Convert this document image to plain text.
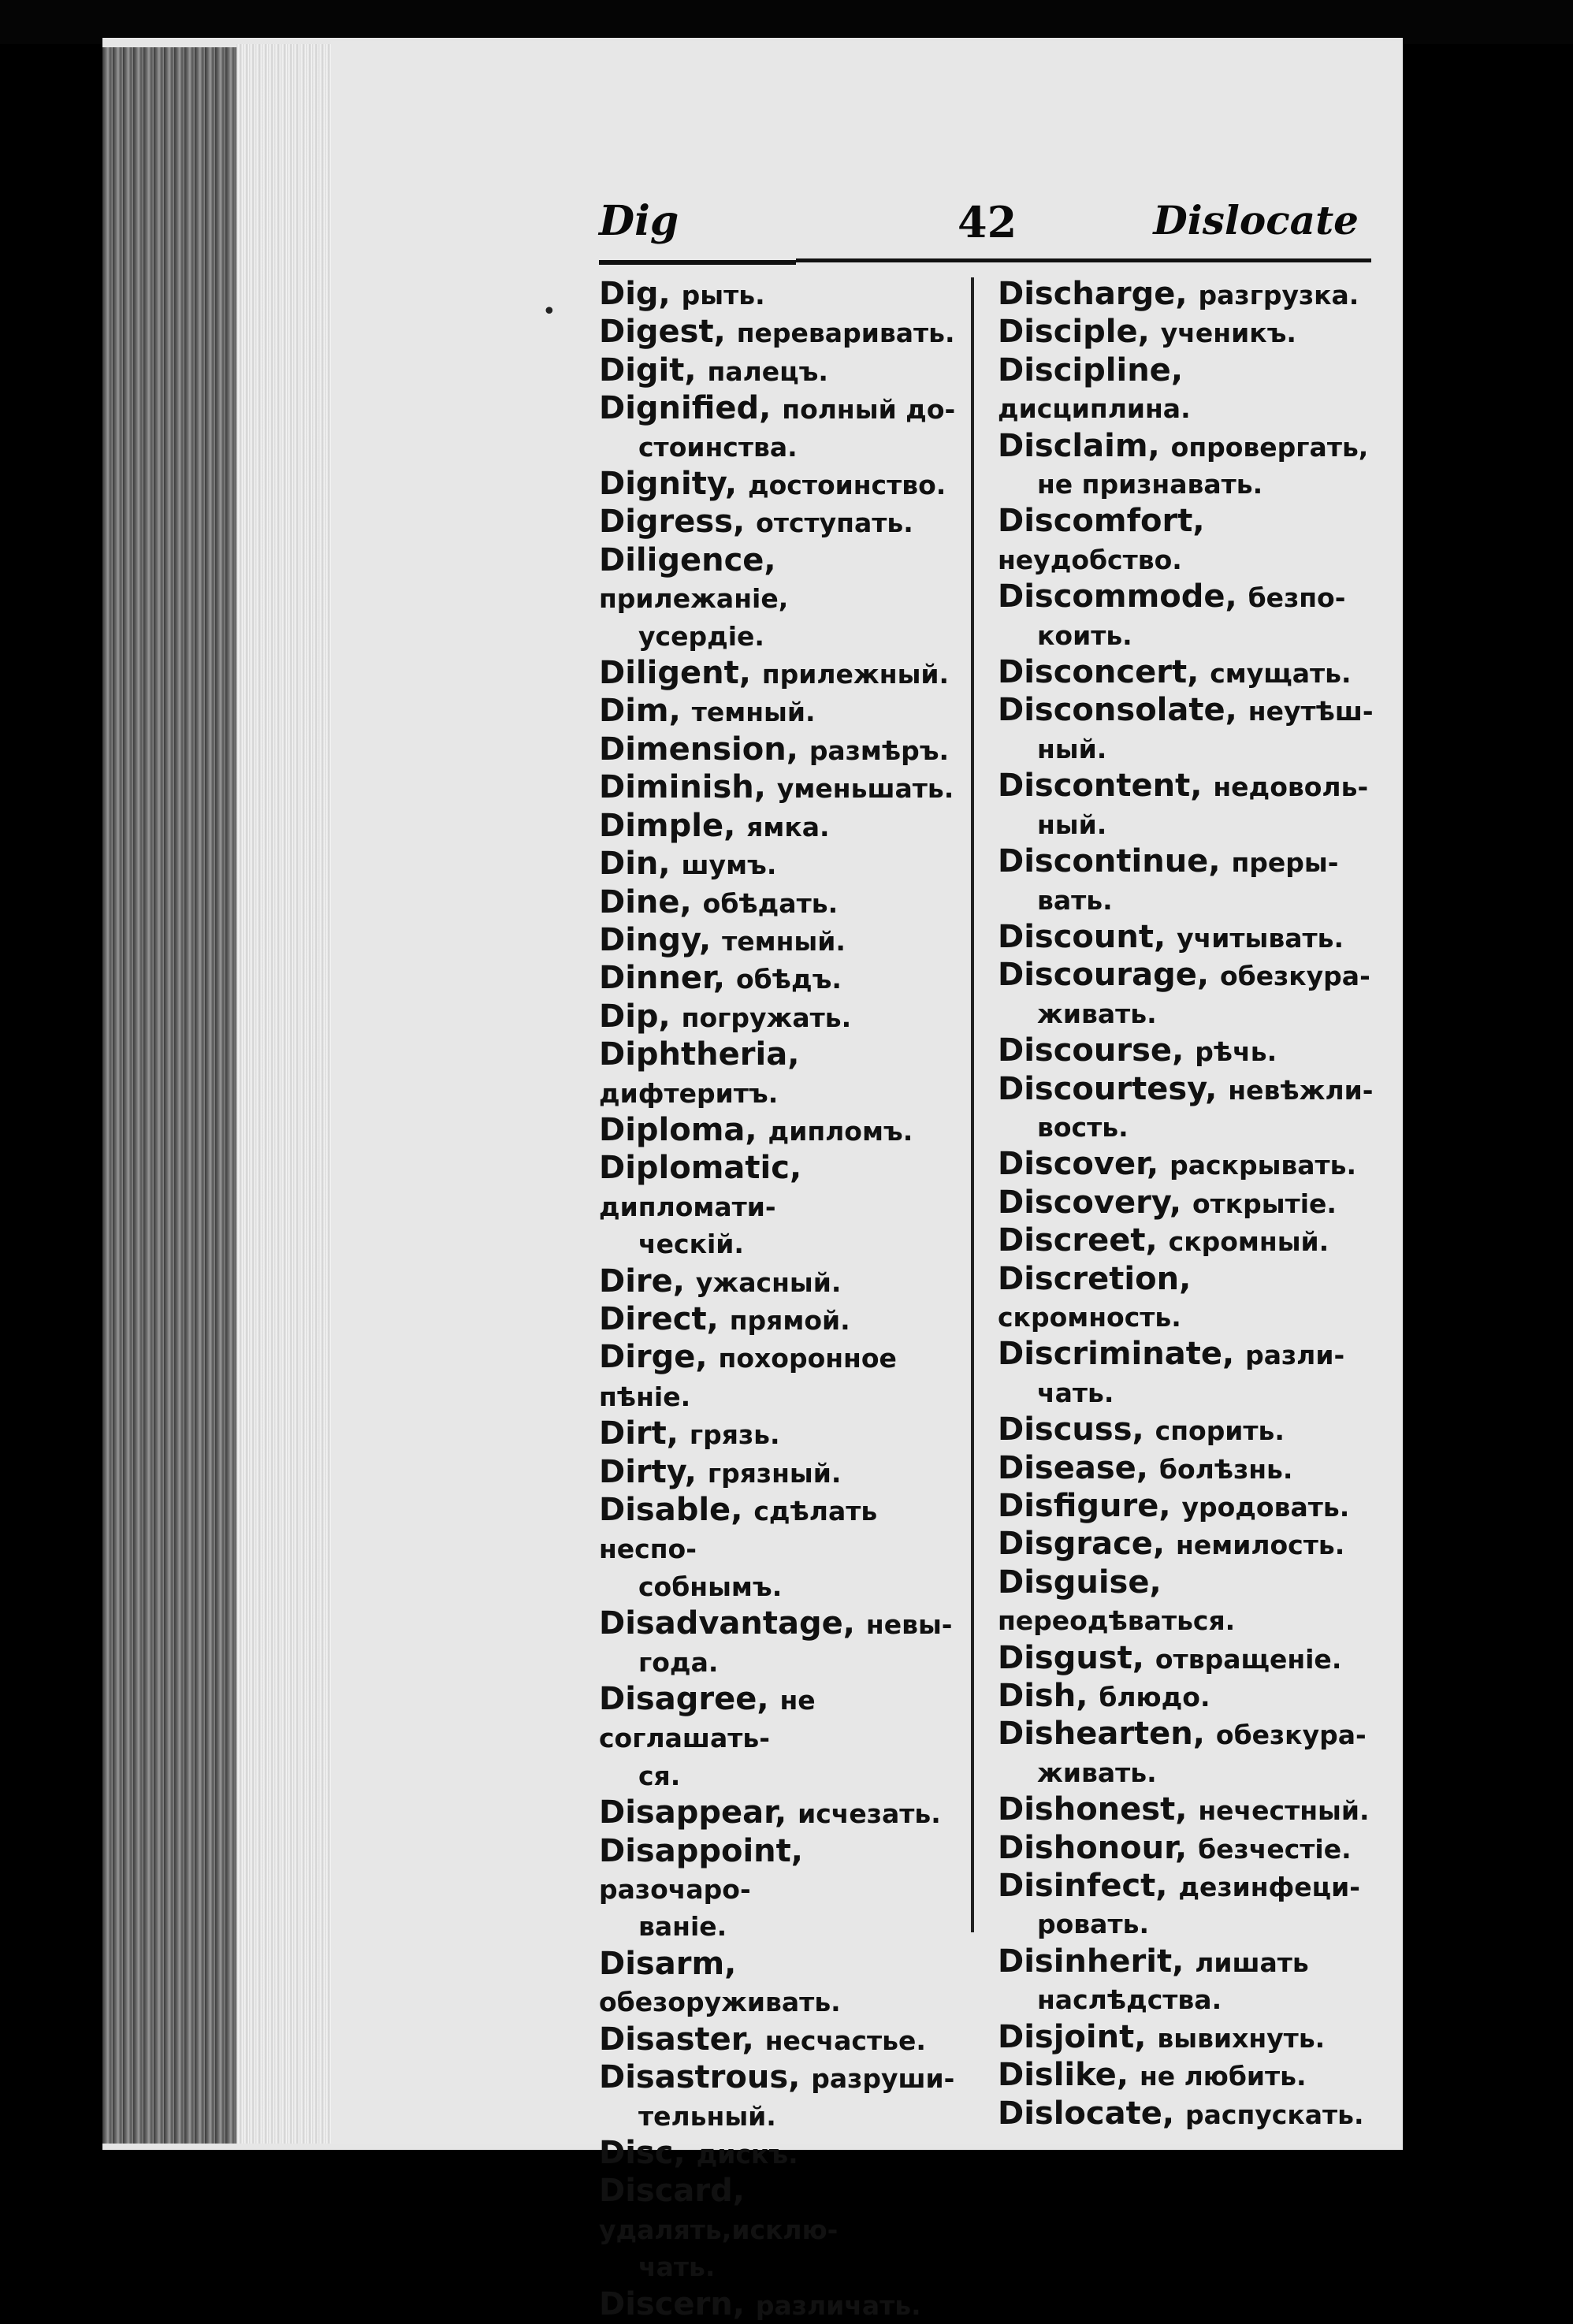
Dig	42	Dislocate
• Dig, рыть.
Digest, переваривать.
Digit, палецъ.
Dignified, полный до-
стоинства.
Dignity, достоинство.
Digress, отступать.
Diligence, прилежаніе,
усердіе.
Diligent, прилежный.
Dim, темный.
Dimension, размѣръ.
Diminish, уменьшать.
Dimple, ямка.
Din, шумъ.
Dine, обѣдать.
Dingy, темный.
Dinner, обѣдъ.
Dip, погружать.
Diphtheria, дифтеритъ.
Diploma, дипломъ.
Diplomatic, дипломати-
ческій.
Dire, ужасный.
Direct, прямой.
Dirge, похоронное пѣніе.
Dirt, грязь.
Dirty, грязный.
Disable, сдѣлать неспо-
собнымъ.
Disadvantage, невы-
года.
Disagree, не соглашать-
ся.
Disappear, исчезать.
Disappoint, разочаро-
ваніе.
Disarm, обезоруживать.
Disaster, несчастье.
Disastrous, разруши-
тельный.
Disc, дискъ.
Discard, удалять,исклю-
чать.
Discern, различать.
Discharge, разгрузка.
Disciple, ученикъ.
Discipline, дисциплина.
Disclaim, опровергать,
не признавать.
Discomfort, неудобство.
Discommode, безпо-
коить.
Disconcert, смущать.
Disconsolate, неутѣш-
ный.
Discontent, недоволь-
ный.
Discontinue, преры-
вать.
Discount, учитывать.
Discourage, обезкура-
живать.
Discourse, рѣчь.
Discourtesy, невѣжли-
вость.
Discover, раскрывать.
Discovery, открытіе.
Discreet, скромный.
Discretion, скромность.
Discriminate, разли-
чать.
Discuss, спорить.
Disease, болѣзнь.
Disfigure, уродовать.
Disgrace, немилость.
Disguise, переодѣваться.
Disgust, отвращеніе.
Dish, блюдо.
Dishearten, обезкура-
живать.
Dishonest, нечестный.
Dishonour, безчестіе.
Disinfect, дезинфеци-
ровать.
Disinherit, лишать
наслѣдства.
Disjoint, вывихнуть.
Dislike, не любить.
Dislocate, распускать.
